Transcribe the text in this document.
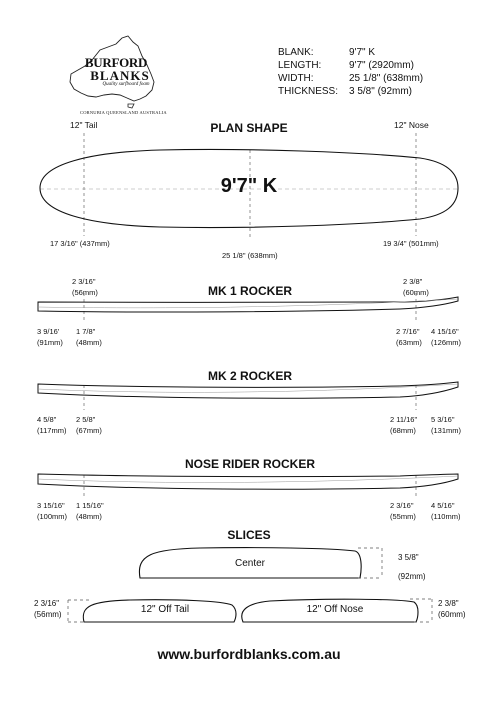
BURFORD
BLANKS
Quality surfboard foam
CORNUBIA QUEENSLAND AUSTRALIA
BLANK:	9'7" K
LENGTH:	9'7" (2920mm)
WIDTH:	25 1/8" (638mm)
THICKNESS: 3 5/8" (92mm)
PLAN SHAPE
12" Tail	12" Nose
9'7" K
17 3/16" (437mm)
25 1/8" (638mm)
19 3/4" (501mm)
MK 1 ROCKER
2 3/16"
(56mm)
2 3/8"
(60mm)
3 9/16'
(91mm)
1 7/8"
(48mm)
2 7/16"
(63mm)
4 15/16"
(126mm)
MK 2 ROCKER
4 5/8"
(117mm)
2 5/8"
(67mm)
2 11/16"
(68mm)
5 3/16"
(131mm)
NOSE RIDER ROCKER
3 15/16"
(100mm)
1 15/16"
(48mm)
2 3/16"
(55mm)
4 5/16"
(110mm)
SLICES
Center
3 5/8"
(92mm)
12" Off Tail
2 3/16"
(56mm)	12" Off Nose
2 3/8"
(60mm)
www.burfordblanks.com.au
